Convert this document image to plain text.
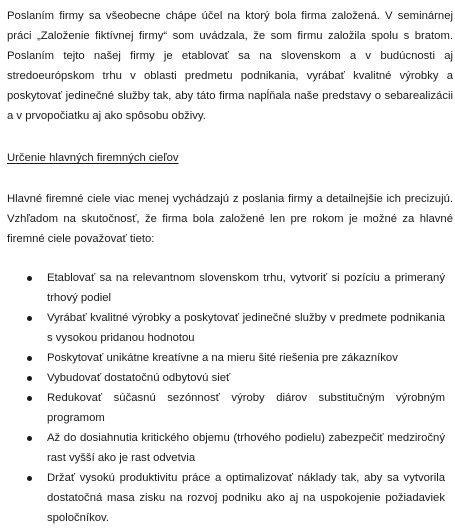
Poslaním firmy sa všeobecne chápe účel na ktorý bola firma založená. V seminárnej práci „Založenie fiktívnej firmy“ som uvádzala, že som firmu založila spolu s bratom. Poslaním tejto našej firmy je etablovať sa na slovenskom a v budúcnosti aj stredoeurópskom trhu v oblasti predmetu podnikania, vyrábať kvalitné výrobky a poskytovať jedinečné služby tak, aby táto firma napĺňala naše predstavy o sebarealizácii a v prvopočiatku aj ako spôsobu obživy.

Určenie hlavných firemných cieľov

Hlavné firemné ciele viac menej vychádzajú z poslania firmy a detailnejšie ich precizujú. Vzhľadom na skutočnosť, že firma bola založené len pre rokom je možné za hlavné firemné ciele považovať tieto:

Etablovať sa na relevantnom slovenskom trhu, vytvoriť si pozíciu a primeraný trhový podiel
Vyrábať kvalitné výrobky a poskytovať jedinečné služby v predmete podnikania s vysokou pridanou hodnotou
Poskytovať unikátne kreatívne a na mieru šité riešenia pre zákazníkov
Vybudovať dostatočnú odbytovú sieť
Redukovať súčasnú sezónnosť výroby diárov substitučným výrobným programom
Až do dosiahnutia kritického objemu (trhového podielu) zabezpečiť medziročný rast vyšší ako je rast odvetvia
Držať vysokú produktivitu práce a optimalizovať náklady tak, aby sa vytvorila dostatočná masa zisku na rozvoj podniku ako aj na uspokojenie požiadaviek spoločníkov.
